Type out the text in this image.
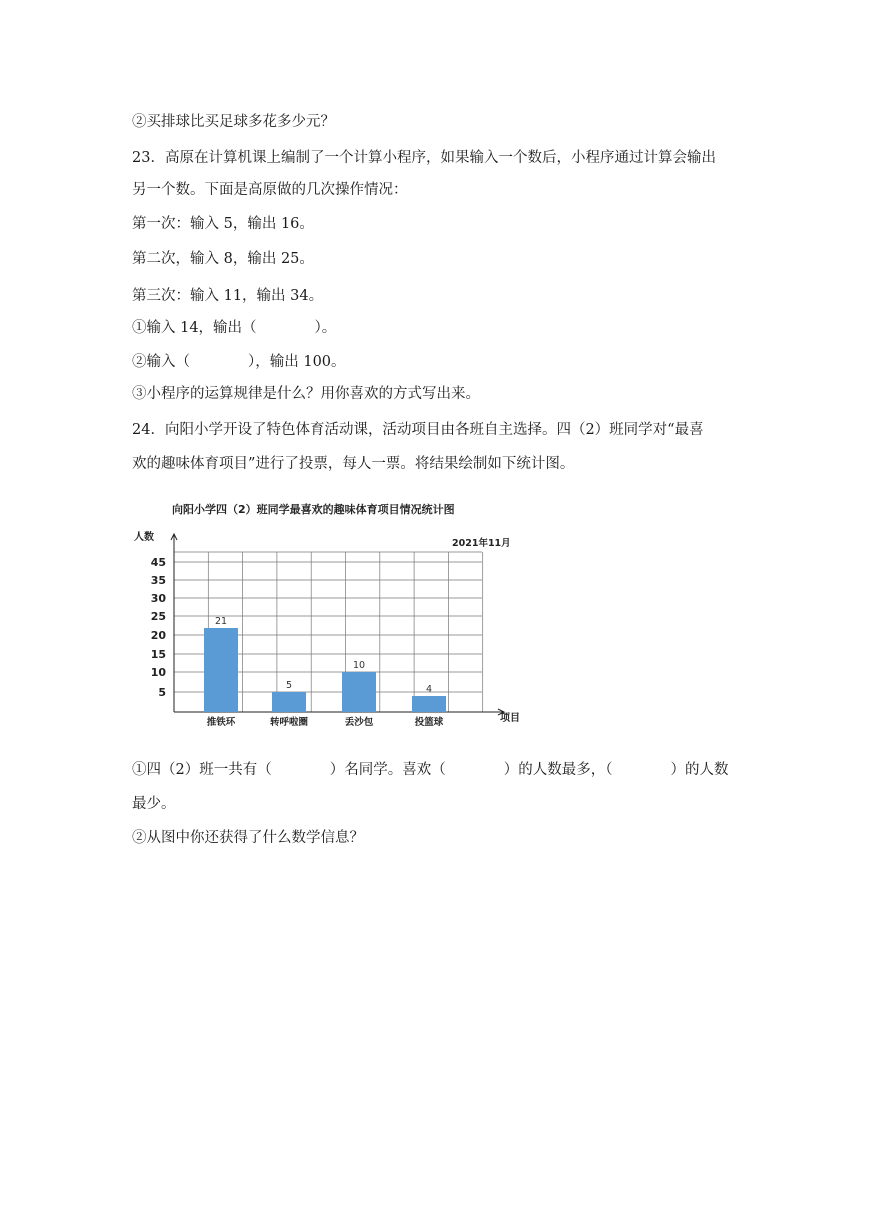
②买排球比买足球多花多少元？
23．高原在计算机课上编制了一个计算小程序，如果输入一个数后，小程序通过计算会输出
另一个数。下面是高原做的几次操作情况：
第一次：输入 5，输出 16。
第二次，输入 8，输出 25。
第三次：输入 11，输出 34。
①输入 14，输出（　　　　）。
②输入（　　　　），输出 100。
③小程序的运算规律是什么？用你喜欢的方式写出来。
24．向阳小学开设了特色体育活动课，活动项目由各班自主选择。四（2）班同学对“最喜
欢的趣味体育项目”进行了投票，每人一票。将结果绘制如下统计图。
向阳小学四（2）班同学最喜欢的趣味体育项目情况统计图
人数
2021年11月
项目
5
10
15
20
25
30
35
45
21
推铁环
5
转呼啦圈
10
丢沙包
4
投篮球
①四（2）班一共有（　　　　）名同学。喜欢（　　　　）的人数最多，（　　　　）的人数
最少。
②从图中你还获得了什么数学信息？
